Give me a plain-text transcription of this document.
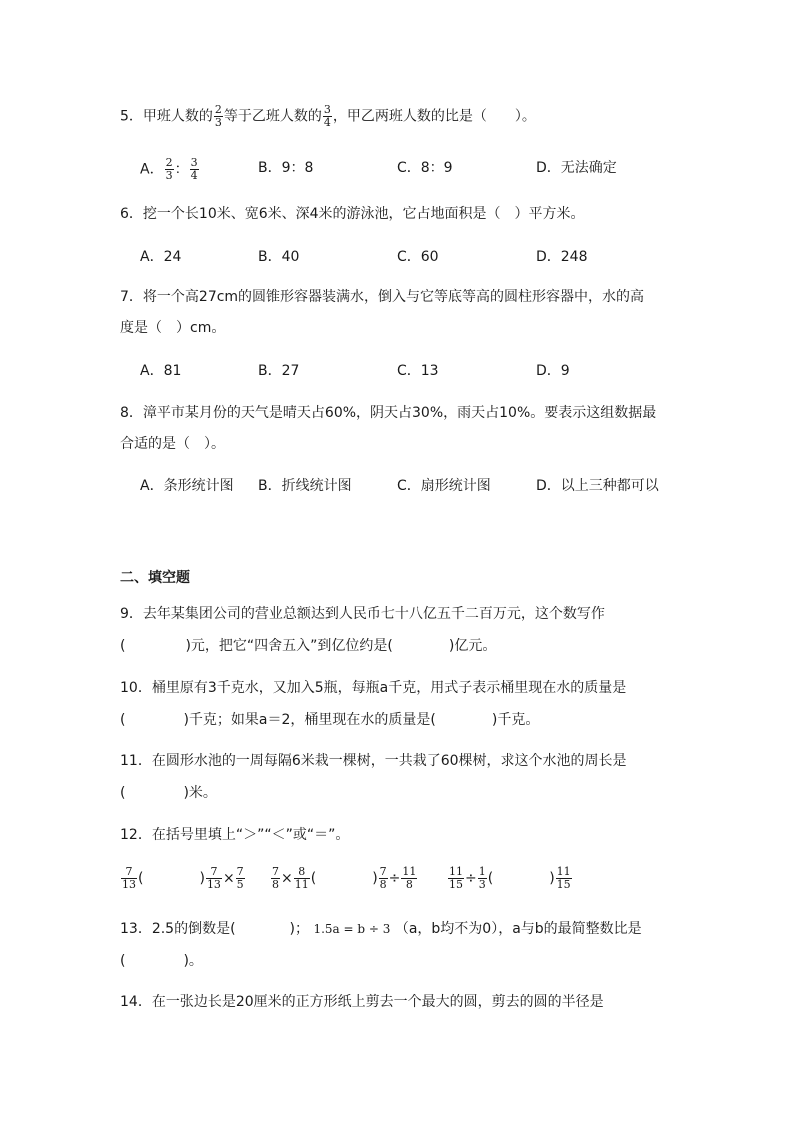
5．甲班人数的 $\frac{2}{3}$ 等于乙班人数的 $\frac{3}{4}$ ，甲乙两班人数的比是（　　）。
A． $\frac{2}{3}$ ： $\frac{3}{4}$	B．9：8	C．8：9	D．无法确定
6．挖一个长10米、宽6米、深4米的游泳池，它占地面积是（　）平方米。
A．24	B．40	C．60	D．248
7．将一个高27cm的圆锥形容器装满水，倒入与它等底等高的圆柱形容器中，水的高
度是（　）cm。
A．81	B．27	C．13	D．9
8．漳平市某月份的天气是晴天占60%，阴天占30%，雨天占10%。要表示这组数据最
合适的是（　）。
A．条形统计图 B．折线统计图	C．扇形统计图	D．以上三种都可以
二、填空题
9．去年某集团公司的营业总额达到人民币七十八亿五千二百万元，这个数写作
(	)元，把它“四舍五入”到亿位约是(	)亿元。
10．桶里原有3千克水，又加入5瓶，每瓶a千克，用式子表示桶里现在水的质量是
(	)千克；如果a＝2，桶里现在水的质量是(	)千克。
11．在圆形水池的一周每隔6米栽一棵树，一共栽了60棵树，求这个水池的周长是
(	)米。
12．在括号里填上“＞”“＜”或“＝”。
$\frac{7}{13}$ (	) $\frac{7}{13} \times \frac{7}{5} \frac{7}{8} \times \frac{8}{11}$ (	) $\frac{7}{8} \div \frac{11}{8}$	$\frac{11}{15} \div \frac{1}{3}$ (	) $\frac{11}{15}$
13．2.5的倒数是(	)； 1.5a = b ÷ 3 （a，b均不为0），a与b的最简整数比是
(	)。
14．在一张边长是20厘米的正方形纸上剪去一个最大的圆，剪去的圆的半径是
